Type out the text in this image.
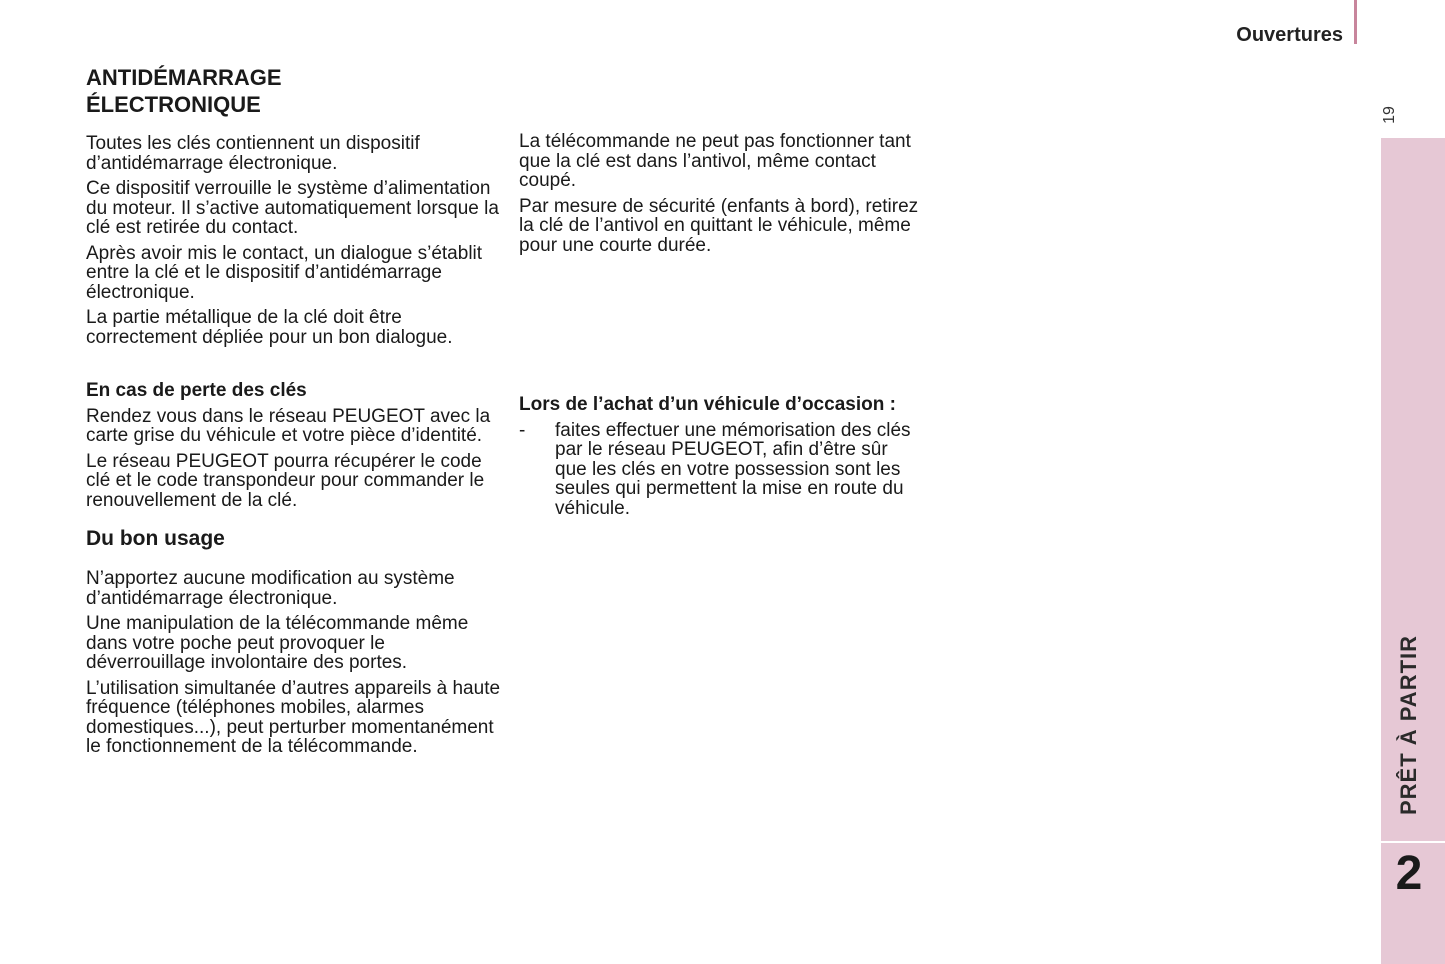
Ouvertures
19
PRÊT À PARTIR
2
ANTIDÉMARRAGE
ÉLECTRONIQUE

Toutes les clés contiennent un dispositif d’antidémarrage électronique.

Ce dispositif verrouille le système d’alimentation du moteur. Il s’active automatiquement lorsque la clé est retirée du contact.

Après avoir mis le contact, un dialogue s’établit entre la clé et le dispositif d’antidémarrage électronique.

La partie métallique de la clé doit être correctement dépliée pour un bon dialogue.

En cas de perte des clés

Rendez vous dans le réseau PEUGEOT avec la carte grise du véhicule et votre pièce d’identité.

Le réseau PEUGEOT pourra récupérer le code clé et le code transpondeur pour commander le renouvellement de la clé.

Du bon usage

N’apportez aucune modification au système d’antidémarrage électronique.

Une manipulation de la télécommande même dans votre poche peut provoquer le déverrouillage involontaire des portes.

L’utilisation simultanée d’autres appareils à haute fréquence (téléphones mobiles, alarmes domestiques...), peut perturber momentanément le fonctionnement de la télécommande.

La télécommande ne peut pas fonctionner tant que la clé est dans l’antivol, même contact coupé.

Par mesure de sécurité (enfants à bord), retirez la clé de l’antivol en quittant le véhicule, même pour une courte durée.

Lors de l’achat d’un véhicule d’occasion :
-	faites effectuer une mémorisation des clés par le réseau PEUGEOT, afin d’être sûr que les clés en votre possession sont les seules qui permettent la mise en route du véhicule.
